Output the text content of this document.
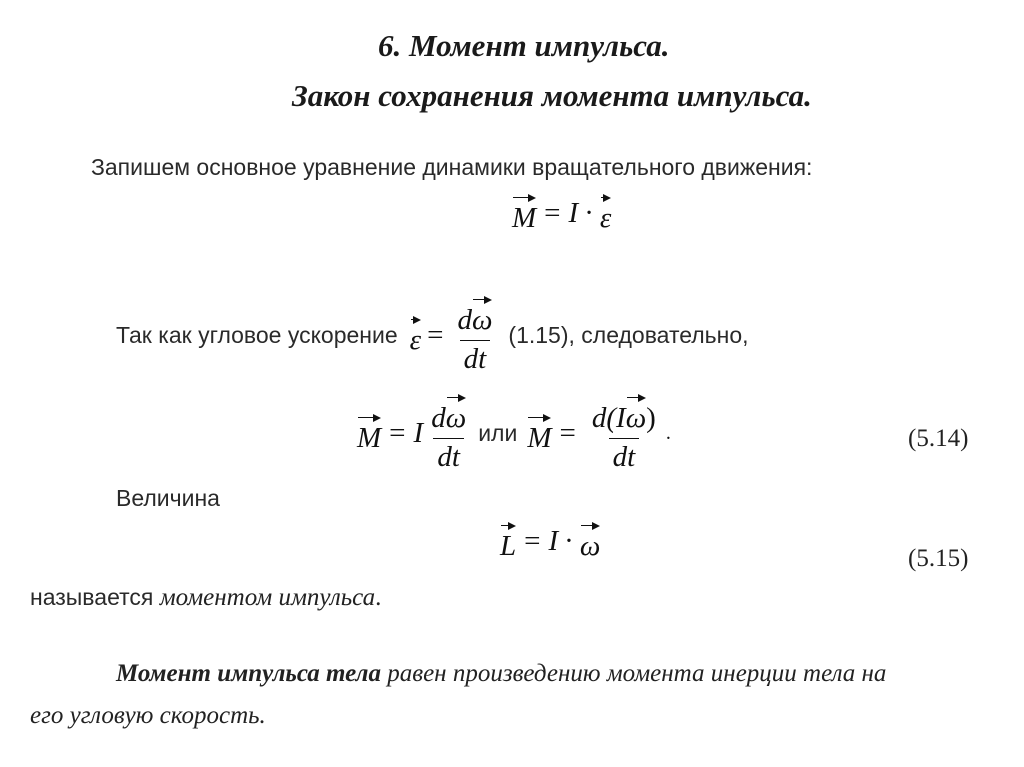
6. Момент импульса.
Закон сохранения момента импульса.
Запишем основное уравнение динамики вращательного движения:
M = I · ε
Так как угловое ускорение $\varepsilon = \frac{d\omega}{dt} (1.15)$, следовательно,
M = I $\frac{d\omega}{dt}$ или $M = \frac{d(I\omega)}{dt}$ .	(5.14)
Величина
L = I · ω	(5.15)
называется моментом импульса.
Момент импульса тела равен произведению момента инерции тела на
его угловую скорость.
